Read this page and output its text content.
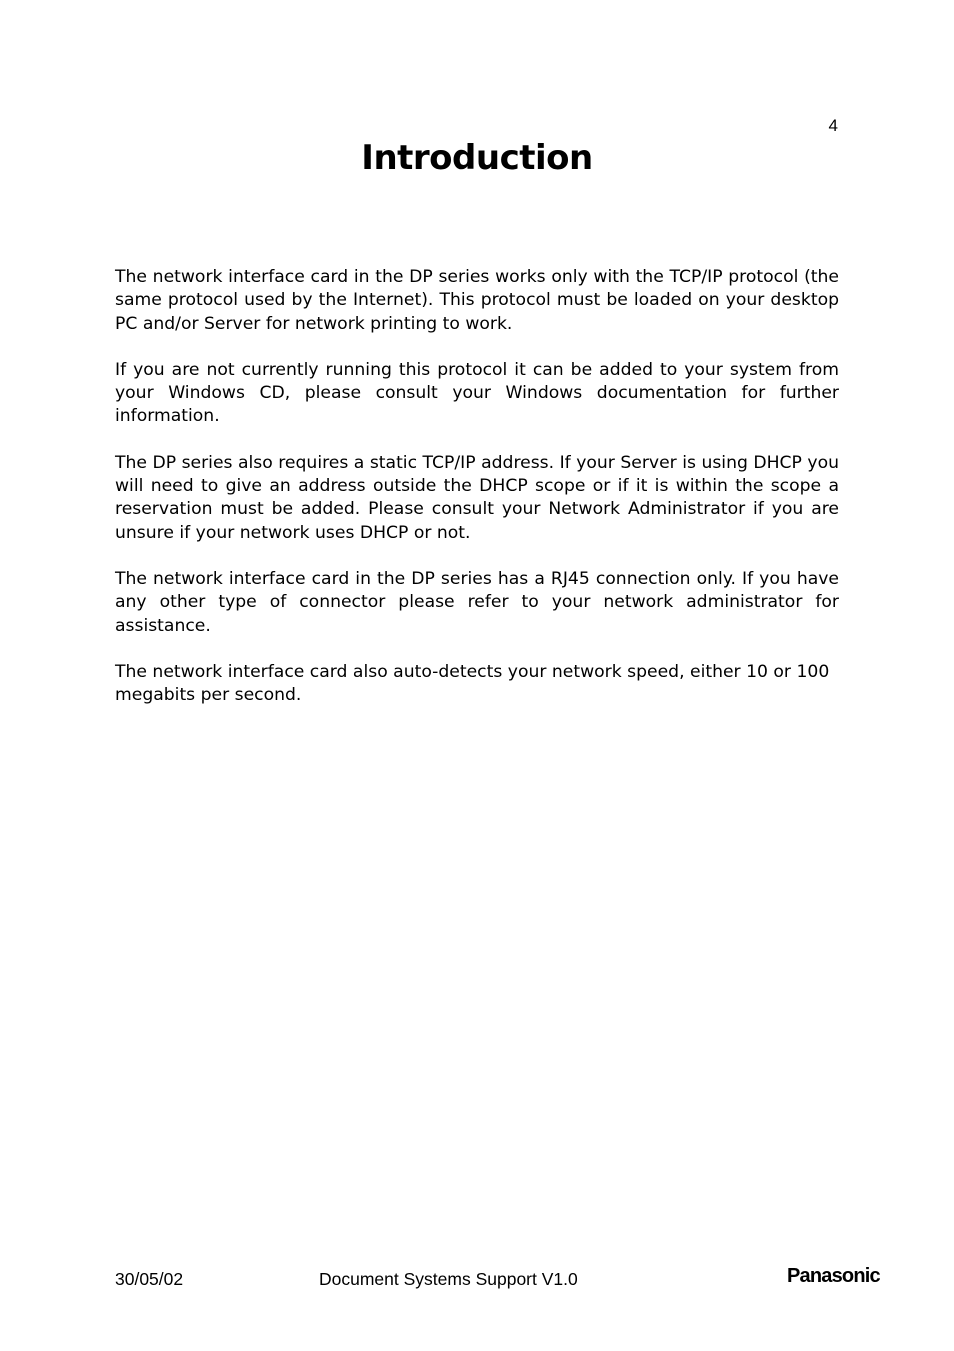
4
Introduction

The network interface card in the DP series works only with the TCP/IP protocol (the same protocol used by the Internet). This protocol must be loaded on your desktop PC and/or Server for network printing to work.

If you are not currently running this protocol it can be added to your system from your Windows CD, please consult your Windows documentation for further information.

The DP series also requires a static TCP/IP address. If your Server is using DHCP you will need to give an address outside the DHCP scope or if it is within the scope a reservation must be added. Please consult your Network Administrator if you are unsure if your network uses DHCP or not.

The network interface card in the DP series has a RJ45 connection only. If you have any other type of connector please refer to your network administrator for assistance.

The network interface card also auto-detects your network speed, either 10 or 100 megabits per second.

30/05/02	Document Systems Support V1.0	Panasonic
